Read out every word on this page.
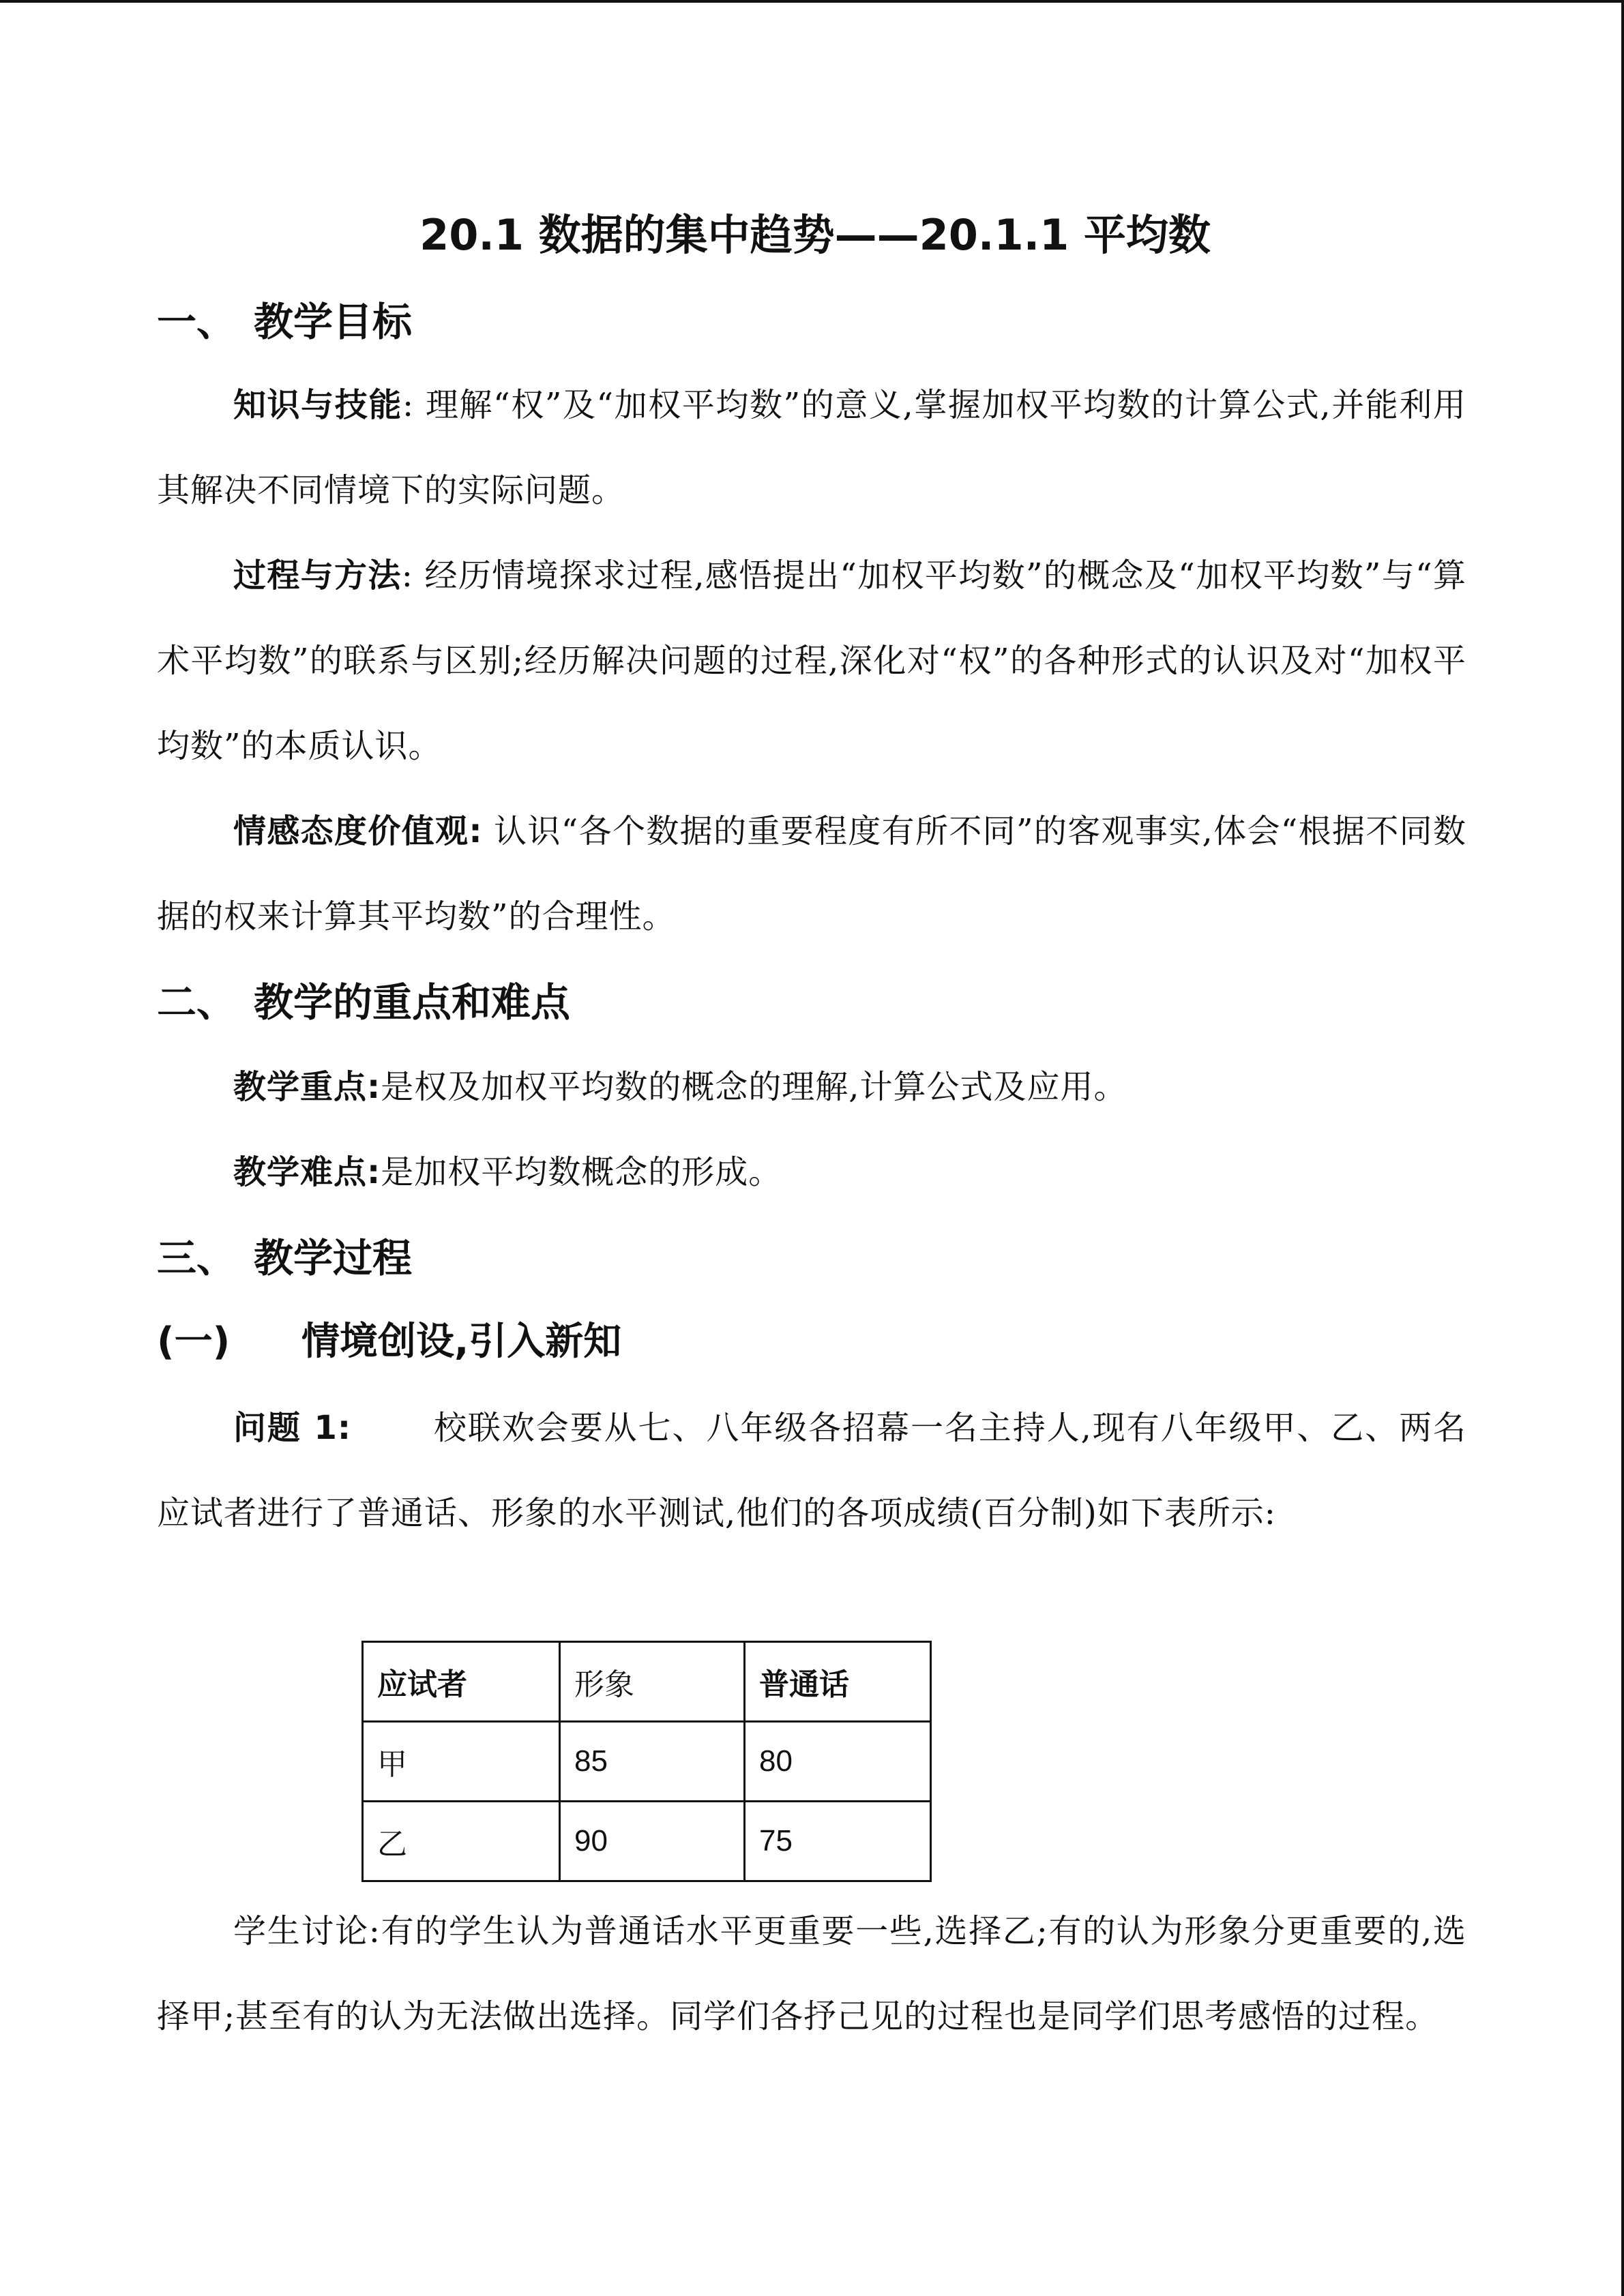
20.1 数据的集中趋势——20.1.1 平均数
一、 教学目标
知识与技能: 理解“权”及“加权平均数”的意义,掌握加权平均数的计算公式,并能利用其解决不同情境下的实际问题。
过程与方法: 经历情境探求过程,感悟提出“加权平均数”的概念及“加权平均数”与“算术平均数”的联系与区别;经历解决问题的过程,深化对“权”的各种形式的认识及对“加权平均数”的本质认识。
情感态度价值观: 认识“各个数据的重要程度有所不同”的客观事实,体会“根据不同数据的权来计算其平均数”的合理性。
二、 教学的重点和难点
教学重点:是权及加权平均数的概念的理解,计算公式及应用。
教学难点:是加权平均数概念的形成。
三、 教学过程
(一) 情境创设,引入新知
问题 1:	校联欢会要从七、八年级各招幕一名主持人,现有八年级甲、乙、两名应试者进行了普通话、形象的水平测试,他们的各项成绩(百分制)如下表所示:
应试者	形象	普通话
甲	85	80
乙	90	75
学生讨论:有的学生认为普通话水平更重要一些,选择乙;有的认为形象分更重要的,选择甲;甚至有的认为无法做出选择。同学们各抒己见的过程也是同学们思考感悟的过程。
